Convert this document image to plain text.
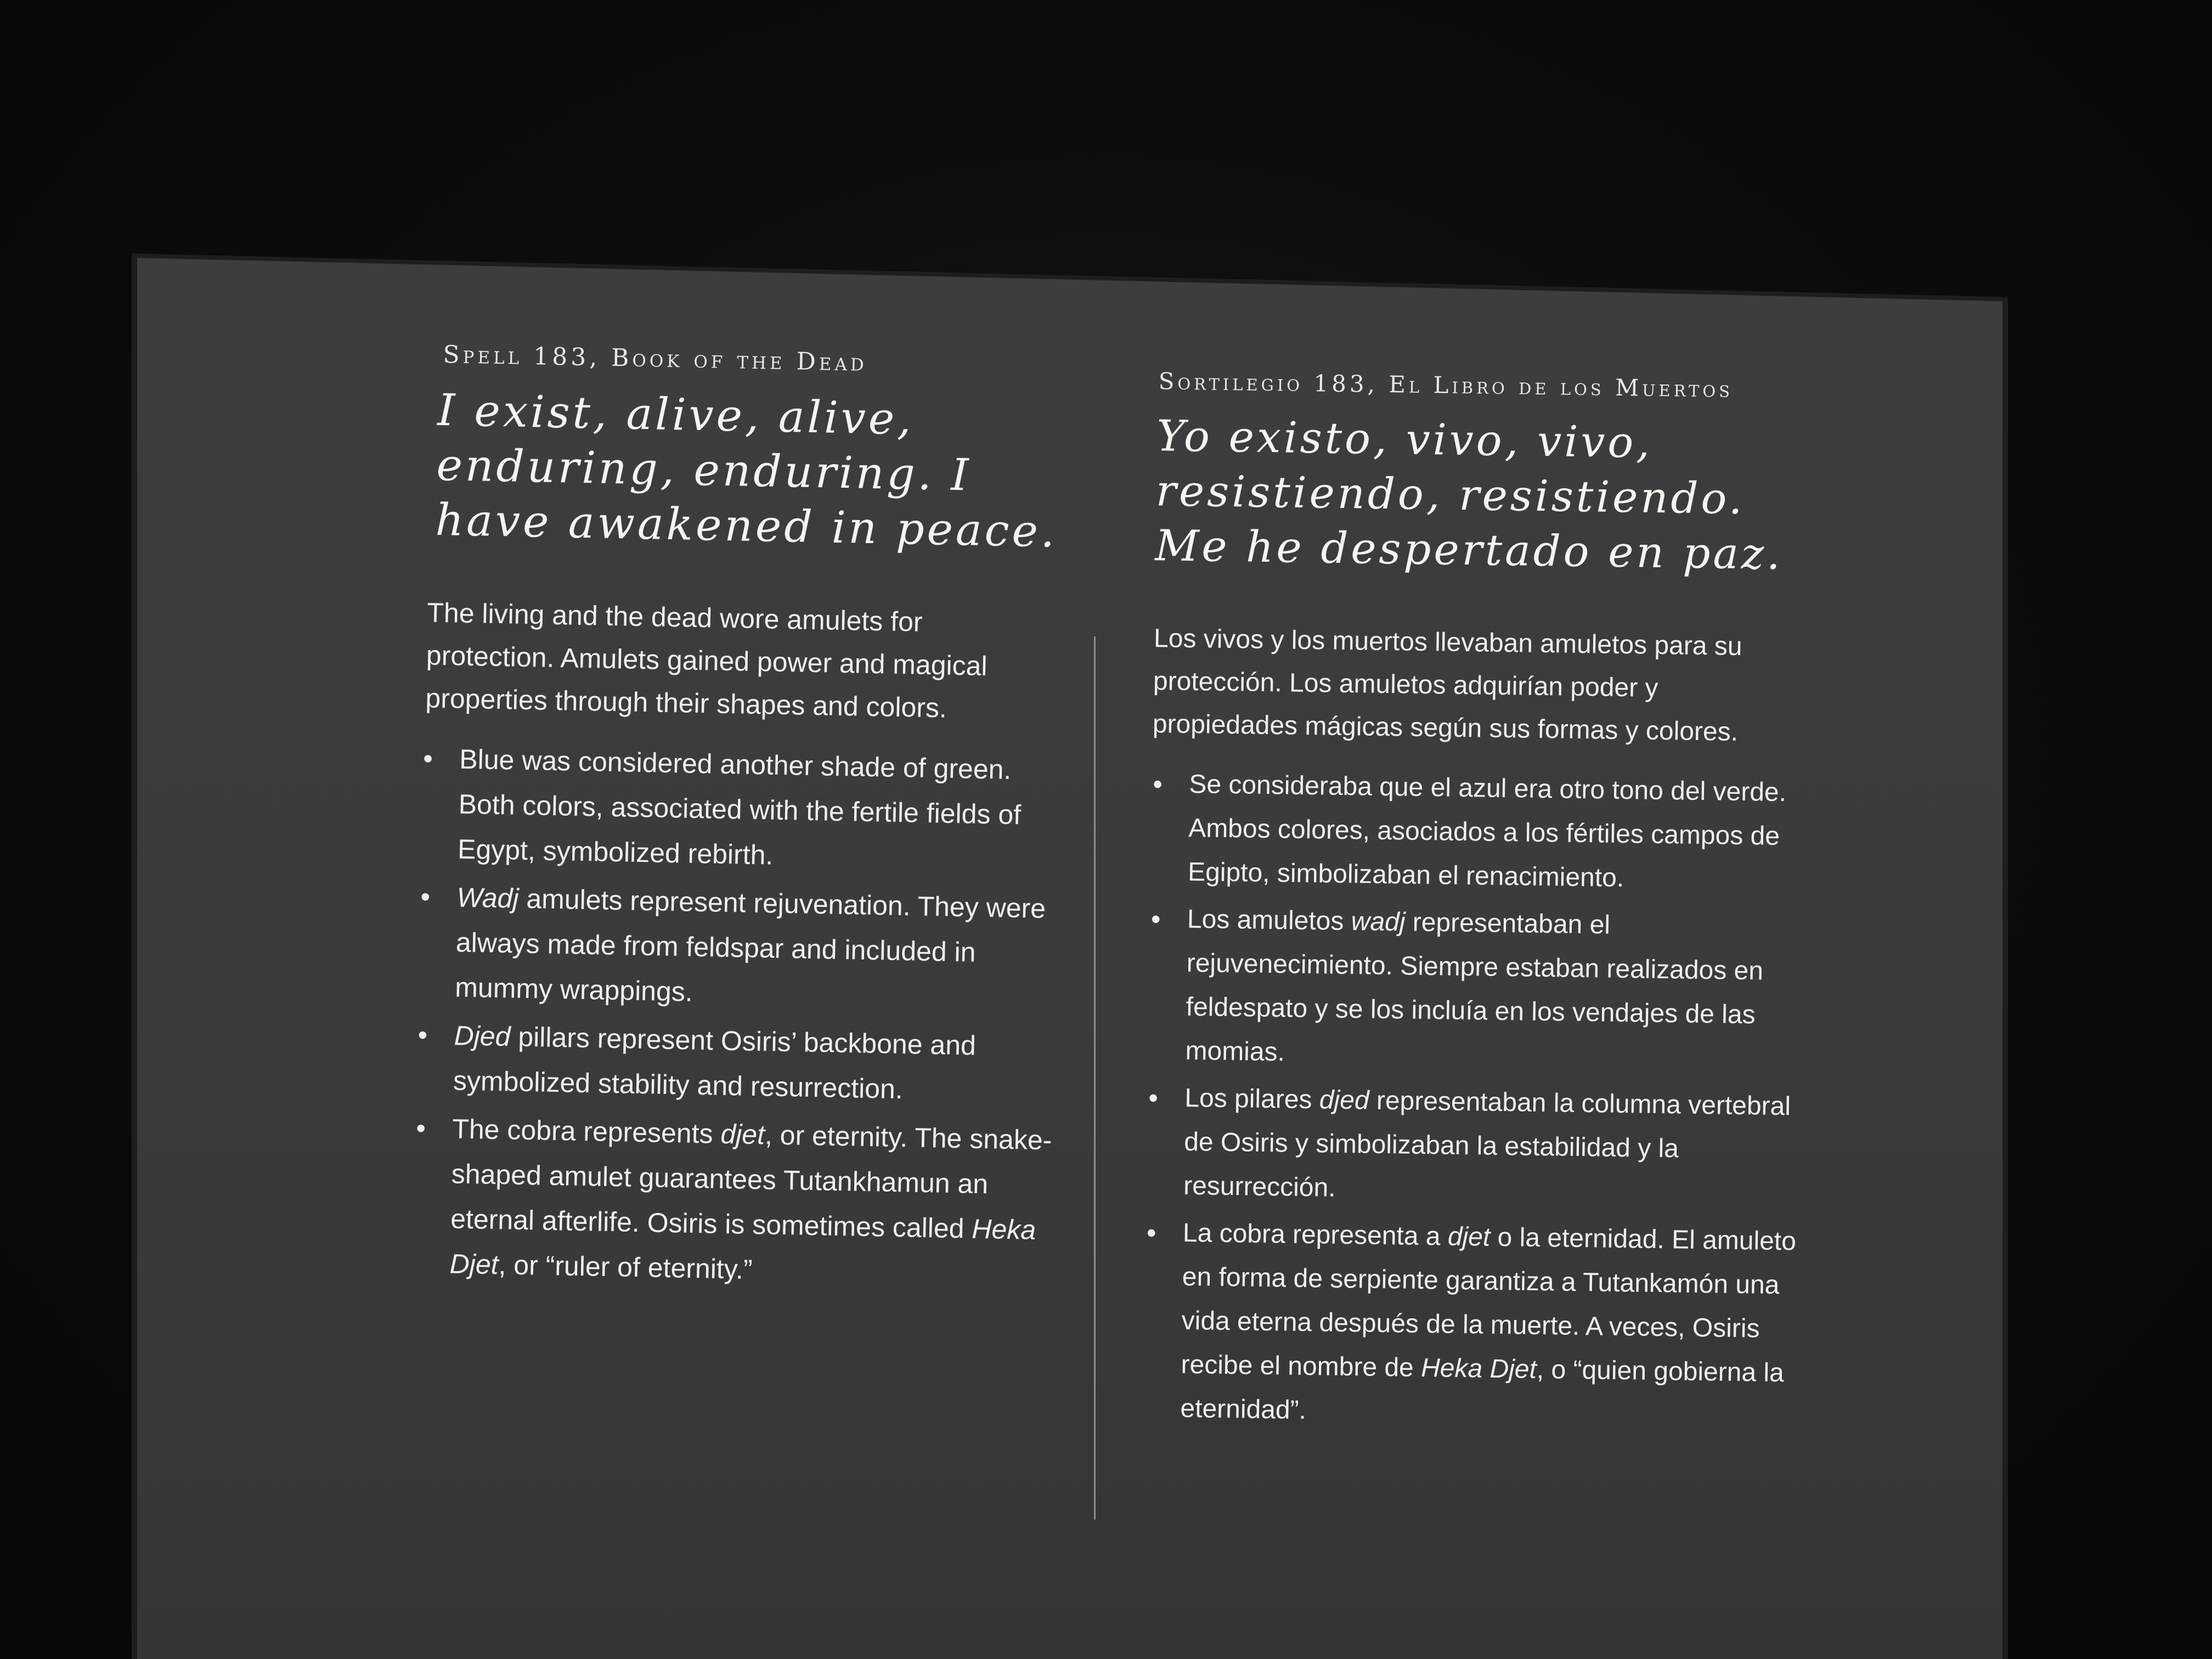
Spell 183, Book of the Dead
I exist, alive, alive,
enduring, enduring. I
have awakened in peace.
The living and the dead wore amulets for protection. Amulets gained power and magical properties through their shapes and colors.
• Blue was considered another shade of green. Both colors, associated with the fertile fields of Egypt, symbolized rebirth.
• Wadj amulets represent rejuvenation. They were always made from feldspar and included in mummy wrappings.
• Djed pillars represent Osiris’ backbone and symbolized stability and resurrection.
• The cobra represents djet, or eternity. The snake-shaped amulet guarantees Tutankhamun an eternal afterlife. Osiris is sometimes called Heka Djet, or “ruler of eternity.”
Sortilegio 183, El Libro de los Muertos
Yo existo, vivo, vivo,
resistiendo, resistiendo.
Me he despertado en paz.
Los vivos y los muertos llevaban amuletos para su protección. Los amuletos adquirían poder y propiedades mágicas según sus formas y colores.
• Se consideraba que el azul era otro tono del verde. Ambos colores, asociados a los fértiles campos de Egipto, simbolizaban el renacimiento.
• Los amuletos wadj representaban el rejuvenecimiento. Siempre estaban realizados en feldespato y se los incluía en los vendajes de las momias.
• Los pilares djed representaban la columna vertebral de Osiris y simbolizaban la estabilidad y la resurrección.
• La cobra representa a djet o la eternidad. El amuleto en forma de serpiente garantiza a Tutankamón una vida eterna después de la muerte. A veces, Osiris recibe el nombre de Heka Djet, o “quien gobierna la eternidad”.
